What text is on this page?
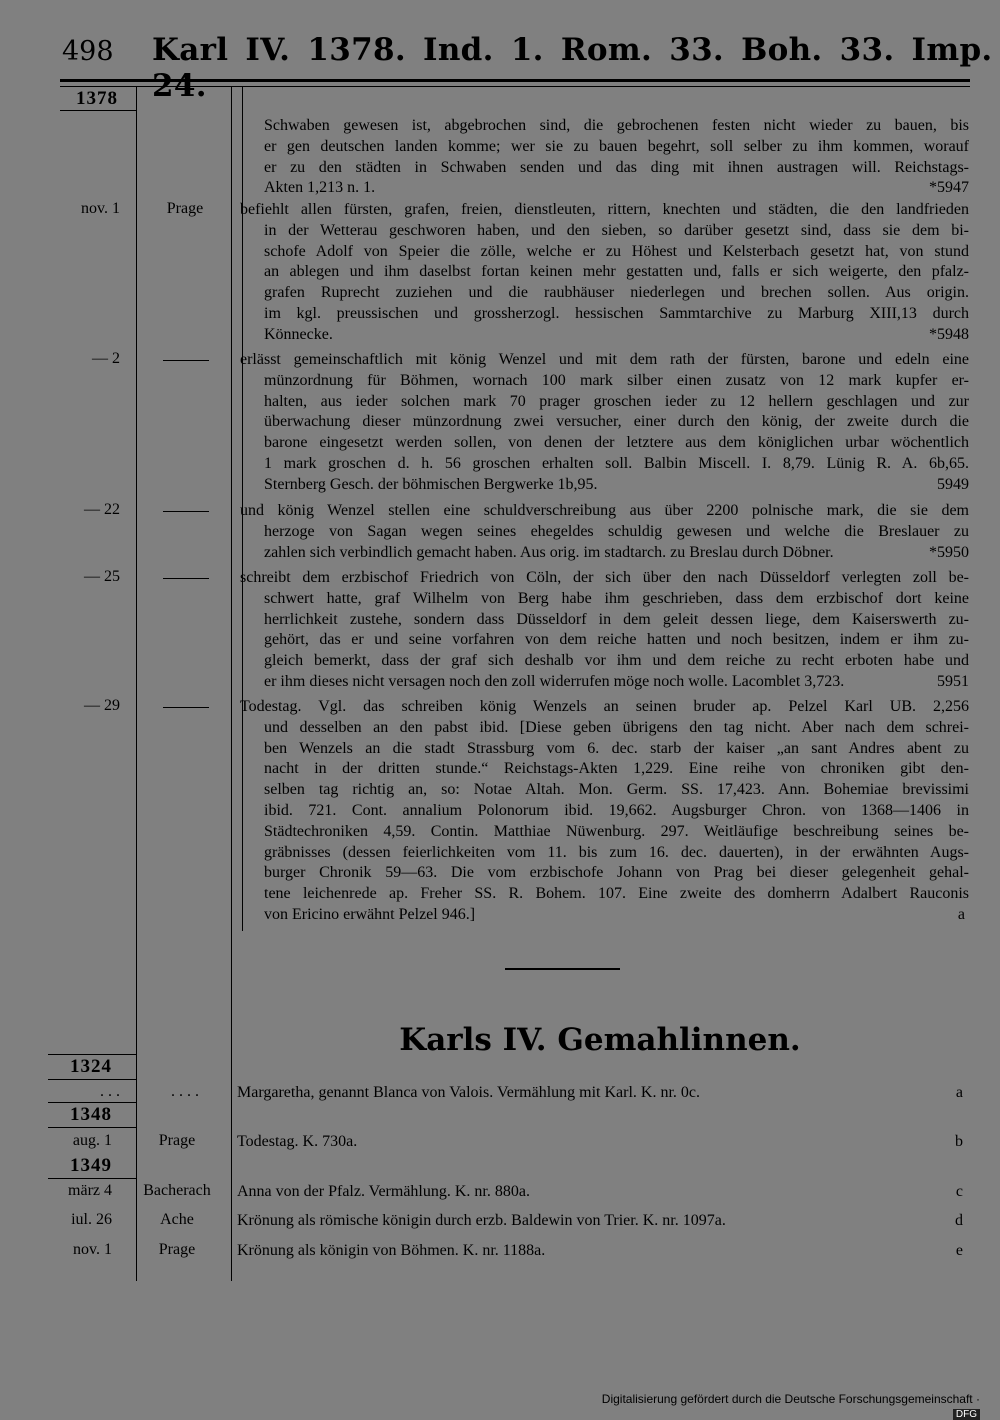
498 Karl IV. 1378. Ind. 1. Rom. 33. Boh. 33. Imp.
1378
Schwaben gewesen ist, abgebrochen sind, die gebrochenen festen nicht wieder zu bauen, bis
er gen deutschen landen komme; wer sie zu bauen begehrt, soll selber zu ihm kommen, worauf
er zu den städten in Schwaben senden und das ding mit ihnen austragen will. Reichstags-
Akten 1,213 n. 1.	*5947
nov. 1	Prage	befiehlt allen fürsten, grafen, freien, dienstleuten, rittern, knechten und städten, die den landfrieden
in der Wetterau geschworen haben, und den sieben, so darüber gesetzt sind, dass sie dem bi-
schofe Adolf von Speier die zölle, welche er zu Höhest und Kelsterbach gesetzt hat, von stund
an ablegen und ihm daselbst fortan keinen mehr gestatten und, falls er sich weigerte, den pfalz-
grafen Ruprecht zuziehen und die raubhäuser niederlegen und brechen sollen. Aus origin.
im kgl. preussischen und grossherzogl. hessischen Sammtarchive zu Marburg XIII,13 durch
Könnecke.	*5948
— 2	erlässt gemeinschaftlich mit könig Wenzel und mit dem rath der fürsten, barone und edeln eine
münzordnung für Böhmen, wornach 100 mark silber einen zusatz von 12 mark kupfer er-
halten, aus ieder solchen mark 70 prager groschen ieder zu 12 hellern geschlagen und zur
überwachung dieser münzordnung zwei versucher, einer durch den könig, der zweite durch die
barone eingesetzt werden sollen, von denen der letztere aus dem königlichen urbar wöchentlich
1 mark groschen d. h. 56 groschen erhalten soll. Balbin Miscell. I. 8,79. Lünig R. A. 6b,65.
Sternberg Gesch. der böhmischen Bergwerke 1b,95.	5949
— 22	und könig Wenzel stellen eine schuldverschreibung aus über 2200 polnische mark, die sie dem
herzoge von Sagan wegen seines ehegeldes schuldig gewesen und welche die Breslauer zu
zahlen sich verbindlich gemacht haben. Aus orig. im stadtarch. zu Breslau durch Döbner.	*5950
— 25	schreibt dem erzbischof Friedrich von Cöln, der sich über den nach Düsseldorf verlegten zoll be-
schwert hatte, graf Wilhelm von Berg habe ihm geschrieben, dass dem erzbischof dort keine
herrlichkeit zustehe, sondern dass Düsseldorf in dem geleit dessen liege, dem Kaiserswerth zu-
gehört, das er und seine vorfahren von dem reiche hatten und noch besitzen, indem er ihm zu-
gleich bemerkt, dass der graf sich deshalb vor ihm und dem reiche zu recht erboten habe und
er ihm dieses nicht versagen noch den zoll widerrufen möge noch wolle. Lacomblet 3,723.	5951
— 29	Todestag. Vgl. das schreiben könig Wenzels an seinen bruder ap. Pelzel Karl UB. 2,256
und desselben an den pabst ibid. [Diese geben übrigens den tag nicht. Aber nach dem schrei-
ben Wenzels an die stadt Strassburg vom 6. dec. starb der kaiser „an sant Andres abent zu
nacht in der dritten stunde.“ Reichstags-Akten 1,229. Eine reihe von chroniken gibt den-
selben tag richtig an, so: Notae Altah. Mon. Germ. SS. 17,423. Ann. Bohemiae brevissimi
ibid. 721. Cont. annalium Polonorum ibid. 19,662. Augsburger Chron. von 1368—1406 in
Städtechroniken 4,59. Contin. Matthiae Nüwenburg. 297. Weitläufige beschreibung seines be-
gräbnisses (dessen feierlichkeiten vom 11. bis zum 16. dec. dauerten), in der erwähnten Augs-
burger Chronik 59—63. Die vom erzbischofe Johann von Prag bei dieser gelegenheit gehal-
tene leichenrede ap. Freher SS. R. Bohem. 107. Eine zweite des domherrn Adalbert Rauconis
von Ericino erwähnt Pelzel 946.]	a
Karls IV. Gemahlinnen.
1324
. . .	. . . .	Margaretha, genannt Blanca von Valois. Vermählung mit Karl. K. nr. 0c.	a
1348
aug. 1	Prage	Todestag. K. 730a.	b
1349
märz 4	Bacherach	Anna von der Pfalz. Vermählung. K. nr. 880a.	c
iul. 26	Ache	Krönung als römische königin durch erzb. Baldewin von Trier. K. nr. 1097a.	d
nov. 1	Prage	Krönung als königin von Böhmen. K. nr. 1188a.	e
Digitalisierung gefördert durch die Deutsche Forschungsgemeinschaft · DFG
